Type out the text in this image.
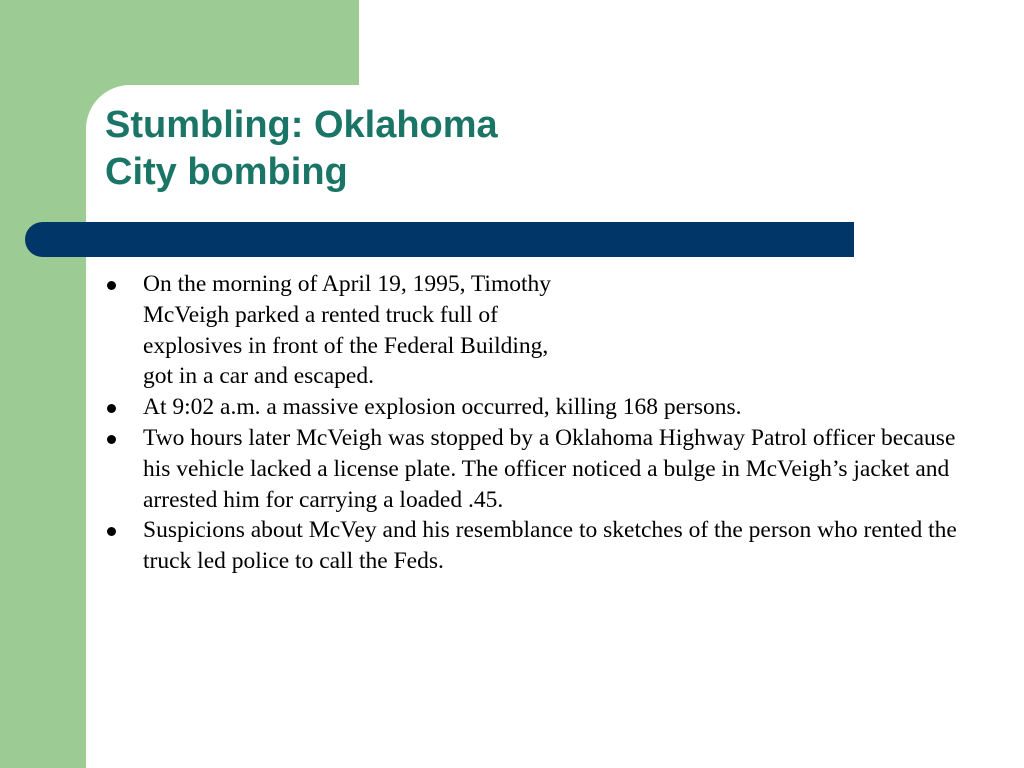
Stumbling: Oklahoma
City bombing
On the morning of April 19, 1995, Timothy McVeigh parked a rented truck full of explosives in front of the Federal Building, got in a car and escaped.
At 9:02 a.m. a massive explosion occurred, killing 168 persons.
Two hours later McVeigh was stopped by a Oklahoma Highway Patrol officer because his vehicle lacked a license plate. The officer noticed a bulge in McVeigh’s jacket and arrested him for carrying a loaded .45.
Suspicions about McVey and his resemblance to sketches of the person who rented the truck led police to call the Feds.
